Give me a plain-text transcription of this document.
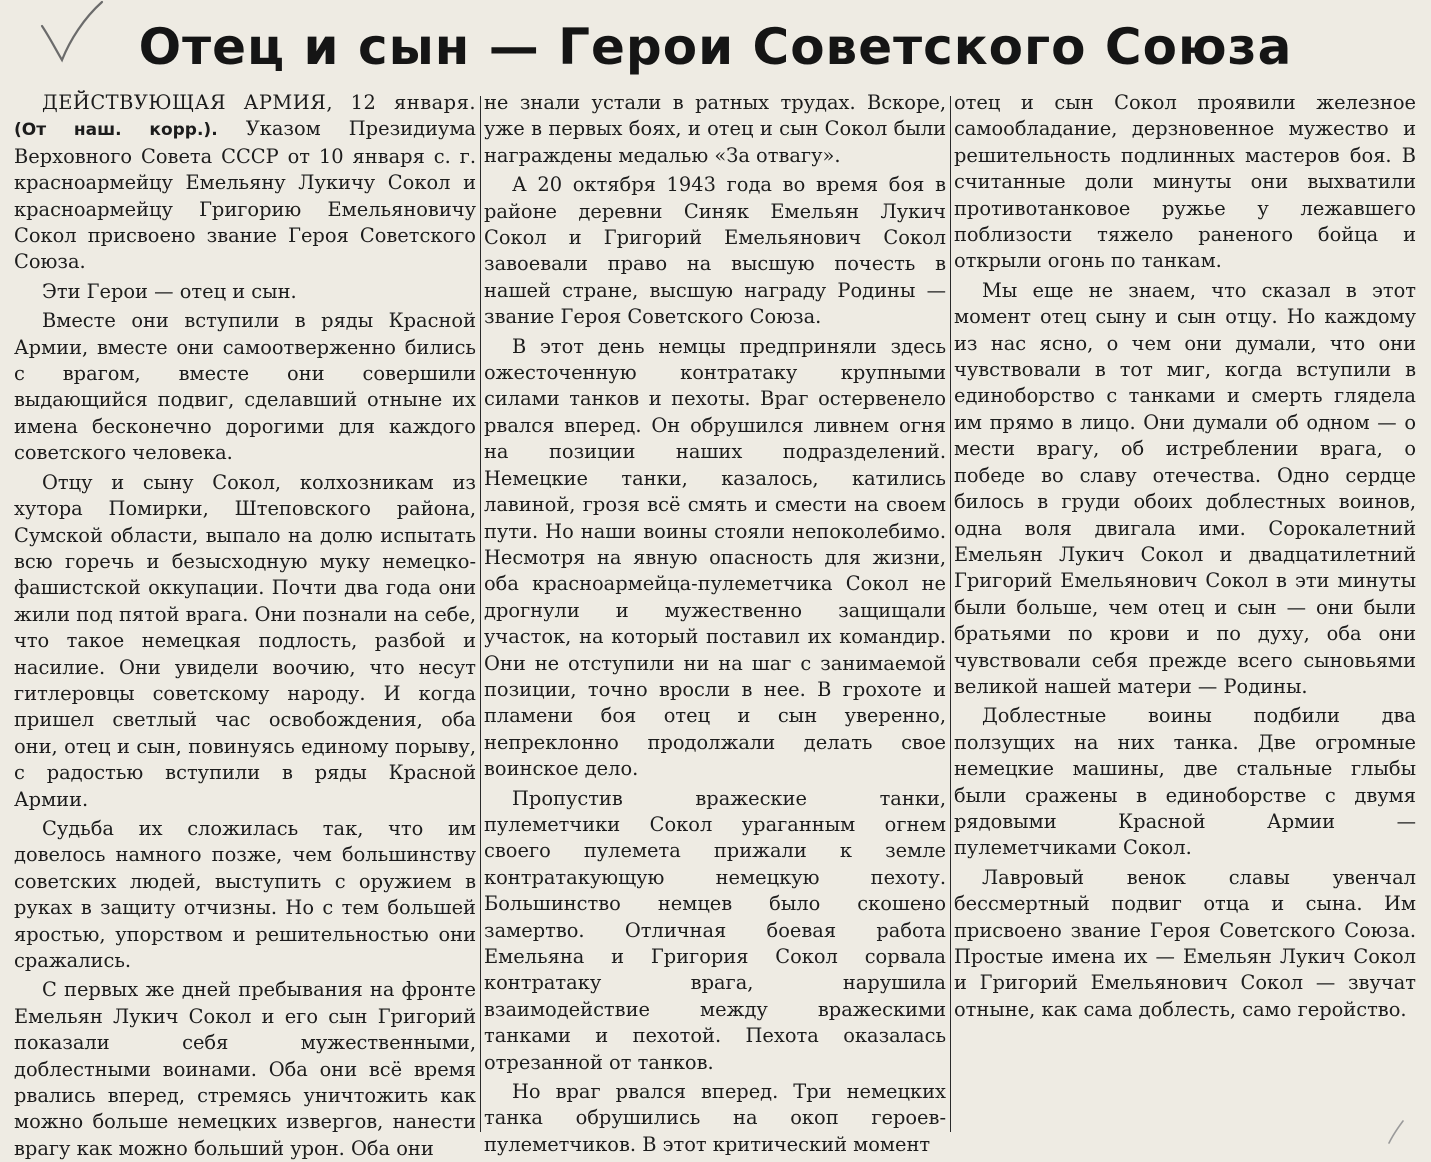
Отец и сын — Герои Советского Союза

ДЕЙСТВУЮЩАЯ АРМИЯ, 12 января. (От наш. корр.). Указом Президиума Верховного Совета СССР от 10 января с. г. красноармейцу Емельяну Лукичу Сокол и красноармейцу Григорию Емельяновичу Сокол присвоено звание Героя Советского Союза.

Эти Герои — отец и сын.

Вместе они вступили в ряды Красной Армии, вместе они самоотверженно бились с врагом, вместе они совершили выдающийся подвиг, сделавший отныне их имена бесконечно дорогими для каждого советского человека.

Отцу и сыну Сокол, колхозникам из хутора Помирки, Штеповского района, Сумской области, выпало на долю испытать всю горечь и безысходную муку немецко-фашистской оккупации. Почти два года они жили под пятой врага. Они познали на себе, что такое немецкая подлость, разбой и насилие. Они увидели воочию, что несут гитлеровцы советскому народу. И когда пришел светлый час освобождения, оба они, отец и сын, повинуясь единому порыву, с радостью вступили в ряды Красной Армии.

Судьба их сложилась так, что им довелось намного позже, чем большинству советских людей, выступить с оружием в руках в защиту отчизны. Но с тем большей яростью, упорством и решительностью они сражались.

С первых же дней пребывания на фронте Емельян Лукич Сокол и его сын Григорий показали себя мужественными, доблестными воинами. Оба они всё время рвались вперед, стремясь уничтожить как можно больше немецких извергов, нанести врагу как можно больший урон. Оба они

не знали устали в ратных трудах. Вскоре, уже в первых боях, и отец и сын Сокол были награждены медалью «За отвагу».

А 20 октября 1943 года во время боя в районе деревни Синяк Емельян Лукич Сокол и Григорий Емельянович Сокол завоевали право на высшую почесть в нашей стране, высшую награду Родины — звание Героя Советского Союза.

В этот день немцы предприняли здесь ожесточенную контратаку крупными силами танков и пехоты. Враг остервенело рвался вперед. Он обрушился ливнем огня на позиции наших подразделений. Немецкие танки, казалось, катились лавиной, грозя всё смять и смести на своем пути. Но наши воины стояли непоколебимо. Несмотря на явную опасность для жизни, оба красноармейца-пулеметчика Сокол не дрогнули и мужественно защищали участок, на который поставил их командир. Они не отступили ни на шаг с занимаемой позиции, точно вросли в нее. В грохоте и пламени боя отец и сын уверенно, непреклонно продолжали делать свое воинское дело.

Пропустив вражеские танки, пулеметчики Сокол ураганным огнем своего пулемета прижали к земле контратакующую немецкую пехоту. Большинство немцев было скошено замертво. Отличная боевая работа Емельяна и Григория Сокол сорвала контратаку врага, нарушила взаимодействие между вражескими танками и пехотой. Пехота оказалась отрезанной от танков.

Но враг рвался вперед. Три немецких танка обрушились на окоп героев-пулеметчиков. В этот критический момент

отец и сын Сокол проявили железное самообладание, дерзновенное мужество и решительность подлинных мастеров боя. В считанные доли минуты они выхватили противотанковое ружье у лежавшего поблизости тяжело раненого бойца и открыли огонь по танкам.

Мы еще не знаем, что сказал в этот момент отец сыну и сын отцу. Но каждому из нас ясно, о чем они думали, что они чувствовали в тот миг, когда вступили в единоборство с танками и смерть глядела им прямо в лицо. Они думали об одном — о мести врагу, об истреблении врага, о победе во славу отечества. Одно сердце билось в груди обоих доблестных воинов, одна воля двигала ими. Сорокалетний Емельян Лукич Сокол и двадцатилетний Григорий Емельянович Сокол в эти минуты были больше, чем отец и сын — они были братьями по крови и по духу, оба они чувствовали себя прежде всего сыновьями великой нашей матери — Родины.

Доблестные воины подбили два ползущих на них танка. Две огромные немецкие машины, две стальные глыбы были сражены в единоборстве с двумя рядовыми Красной Армии — пулеметчиками Сокол.

Лавровый венок славы увенчал бессмертный подвиг отца и сына. Им присвоено звание Героя Советского Союза. Простые имена их — Емельян Лукич Сокол и Григорий Емельянович Сокол — звучат отныне, как сама доблесть, само геройство.
